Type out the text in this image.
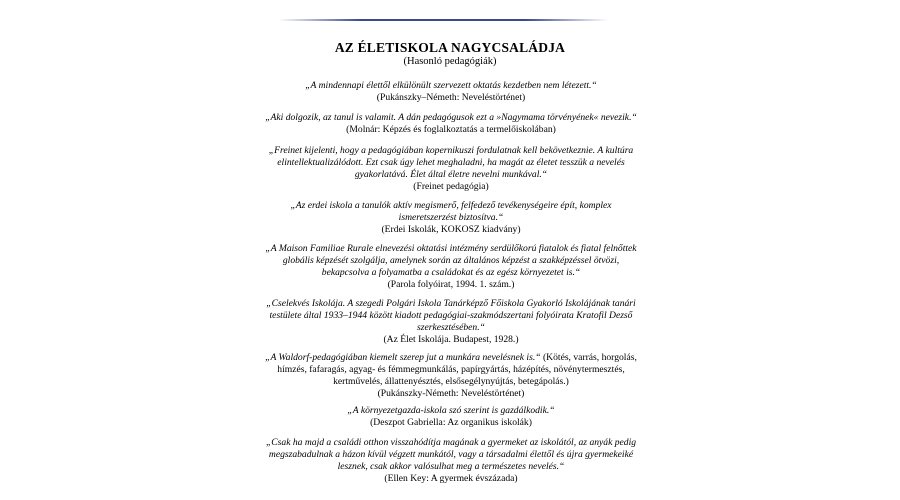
AZ ÉLETISKOLA NAGYCSALÁDJA
(Hasonló pedagógiák)
„A mindennapi élettől elkülönült szervezett oktatás kezdetben nem létezett.“
(Pukánszky–Németh: Neveléstörténet)
„Aki dolgozik, az tanul is valamit. A dán pedagógusok ezt a »Nagymama törvényének« nevezik.“ (Molnár: Képzés és foglalkoztatás a termelőiskolában)
„Freinet kijelenti, hogy a pedagógiában kopernikuszi fordulatnak kell bekövetkeznie. A kultúra elintellektualizálódott. Ezt csak úgy lehet meghaladni, ha magát az életet tesszük a nevelés gyakorlatává. Élet által életre nevelni munkával.“
(Freinet pedagógia)
„Az erdei iskola a tanulók aktív megismerő, felfedező tevékenységeire épít, komplex ismeretszerzést biztosítva.“
(Erdei Iskolák, KOKOSZ kiadvány)
„A Maison Familiae Rurale elnevezési oktatási intézmény serdülőkorú fiatalok és fiatal felnőttek globális képzését szolgálja, amelynek során az általános képzést a szakképzéssel ötvözi, bekapcsolva a folyamatba a családokat és az egész környezetet is.“
(Parola folyóirat, 1994. 1. szám.)
„Cselekvés Iskolája. A szegedi Polgári Iskola Tanárképző Főiskola Gyakorló Iskolájának tanári testülete által 1933–1944 között kiadott pedagógiai-szakmódszertani folyóirata Kratofil Dezső szerkesztésében.“
(Az Élet Iskolája. Budapest, 1928.)
„A Waldorf-pedagógiában kiemelt szerep jut a munkára nevelésnek is.“ (Kötés, varrás, horgolás, hímzés, fafaragás, agyag- és fémmegmunkálás, papírgyártás, házépítés, növénytermesztés, kertművelés, állattenyésztés, elsősegélynyújtás, betegápolás.)
(Pukánszky-Németh: Neveléstörténet)
„A környezetgazda-iskola szó szerint is gazdálkodik.“
(Deszpot Gabriella: Az organikus iskolák)
„Csak ha majd a családi otthon visszahódítja magának a gyermeket az iskolától, az anyák pedig megszabadulnak a házon kívül végzett munkától, vagy a társadalmi élettől és újra gyermekeiké lesznek, csak akkor valósulhat meg a természetes nevelés.“
(Ellen Key: A gyermek évszázada)
